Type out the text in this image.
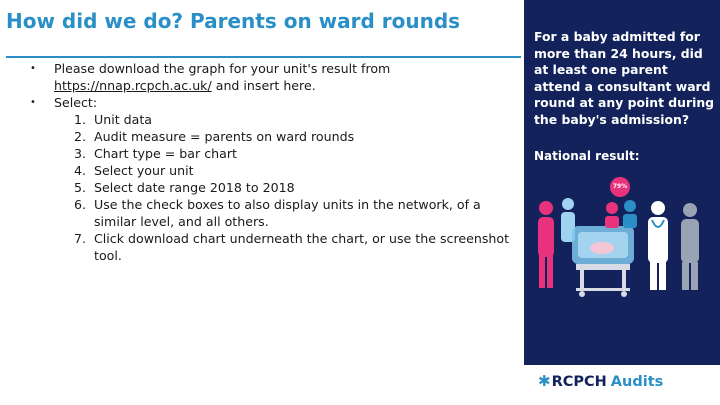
How did we do? Parents on ward rounds
• Please download the graph for your unit's result from
https://nnap.rcpch.ac.uk/ and insert here.
• Select:
1. Unit data
2. Audit measure = parents on ward rounds
3. Chart type = bar chart
4. Select your unit
5. Select date range 2018 to 2018
6. Use the check boxes to also display units in the network, of a similar level, and all others.
7. Click download chart underneath the chart, or use the screenshot tool.

For a baby admitted for more than 24 hours, did at least one parent attend a consultant ward round at any point during the baby's admission?

National result:
79%
✱RCPCH Audits
